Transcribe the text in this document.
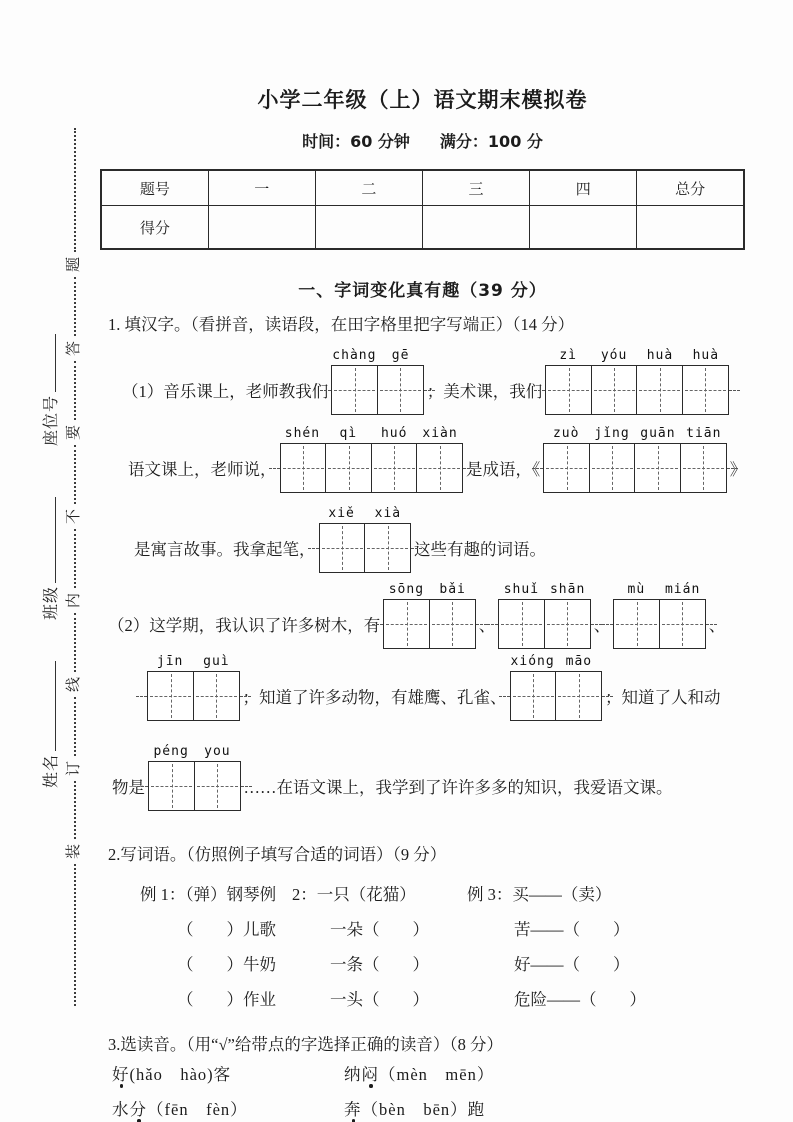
座位号
班级
姓名
题
答
要
不
内
线
订
装
小学二年级（上）语文期末模拟卷
时间：60 分钟 满分：100 分
题号	一	二	三	四	总分
得分					
一、字词变化真有趣（39 分）
1. 填汉字。（看拼音，读语段，在田字格里把字写端正）（14 分）
（1）音乐课上，老师教我们
chàng	gē
；美术课，我们
zì	yóu	huà	huà
语文课上，老师说，
shén	qì	huó	xiàn
是成语，《
zuò	jǐng guān tiān
》
是寓言故事。我拿起笔，
xiě	xià
这些有趣的词语。
（2）这学期，我认识了许多树木，有
sōng	bǎi
、
shuǐ shān
、
mù	mián
、
jīn	guì
；知道了许多动物，有雄鹰、孔雀、
xióng māo
；知道了人和动
物是
péng	you
……在语文课上，我学到了许许多多的知识，我爱语文课。
2.写词语。（仿照例子填写合适的词语）（9 分）
例 1：（弹）钢琴例 2：一只（花猫）	例 3：买——（卖）
（　　）儿歌	一朵（　　）	苦——（　　）
（　　）牛奶	一条（　　）	好——（　　）
（　　）作业	一头（　　）	危险——（　　）
3.选读音。（用“√”给带点的字选择正确的读音）（8 分）
好(hǎo　hào)客	纳闷（mèn　mēn）
水分（fēn　fèn）	奔（bèn　bēn）跑
